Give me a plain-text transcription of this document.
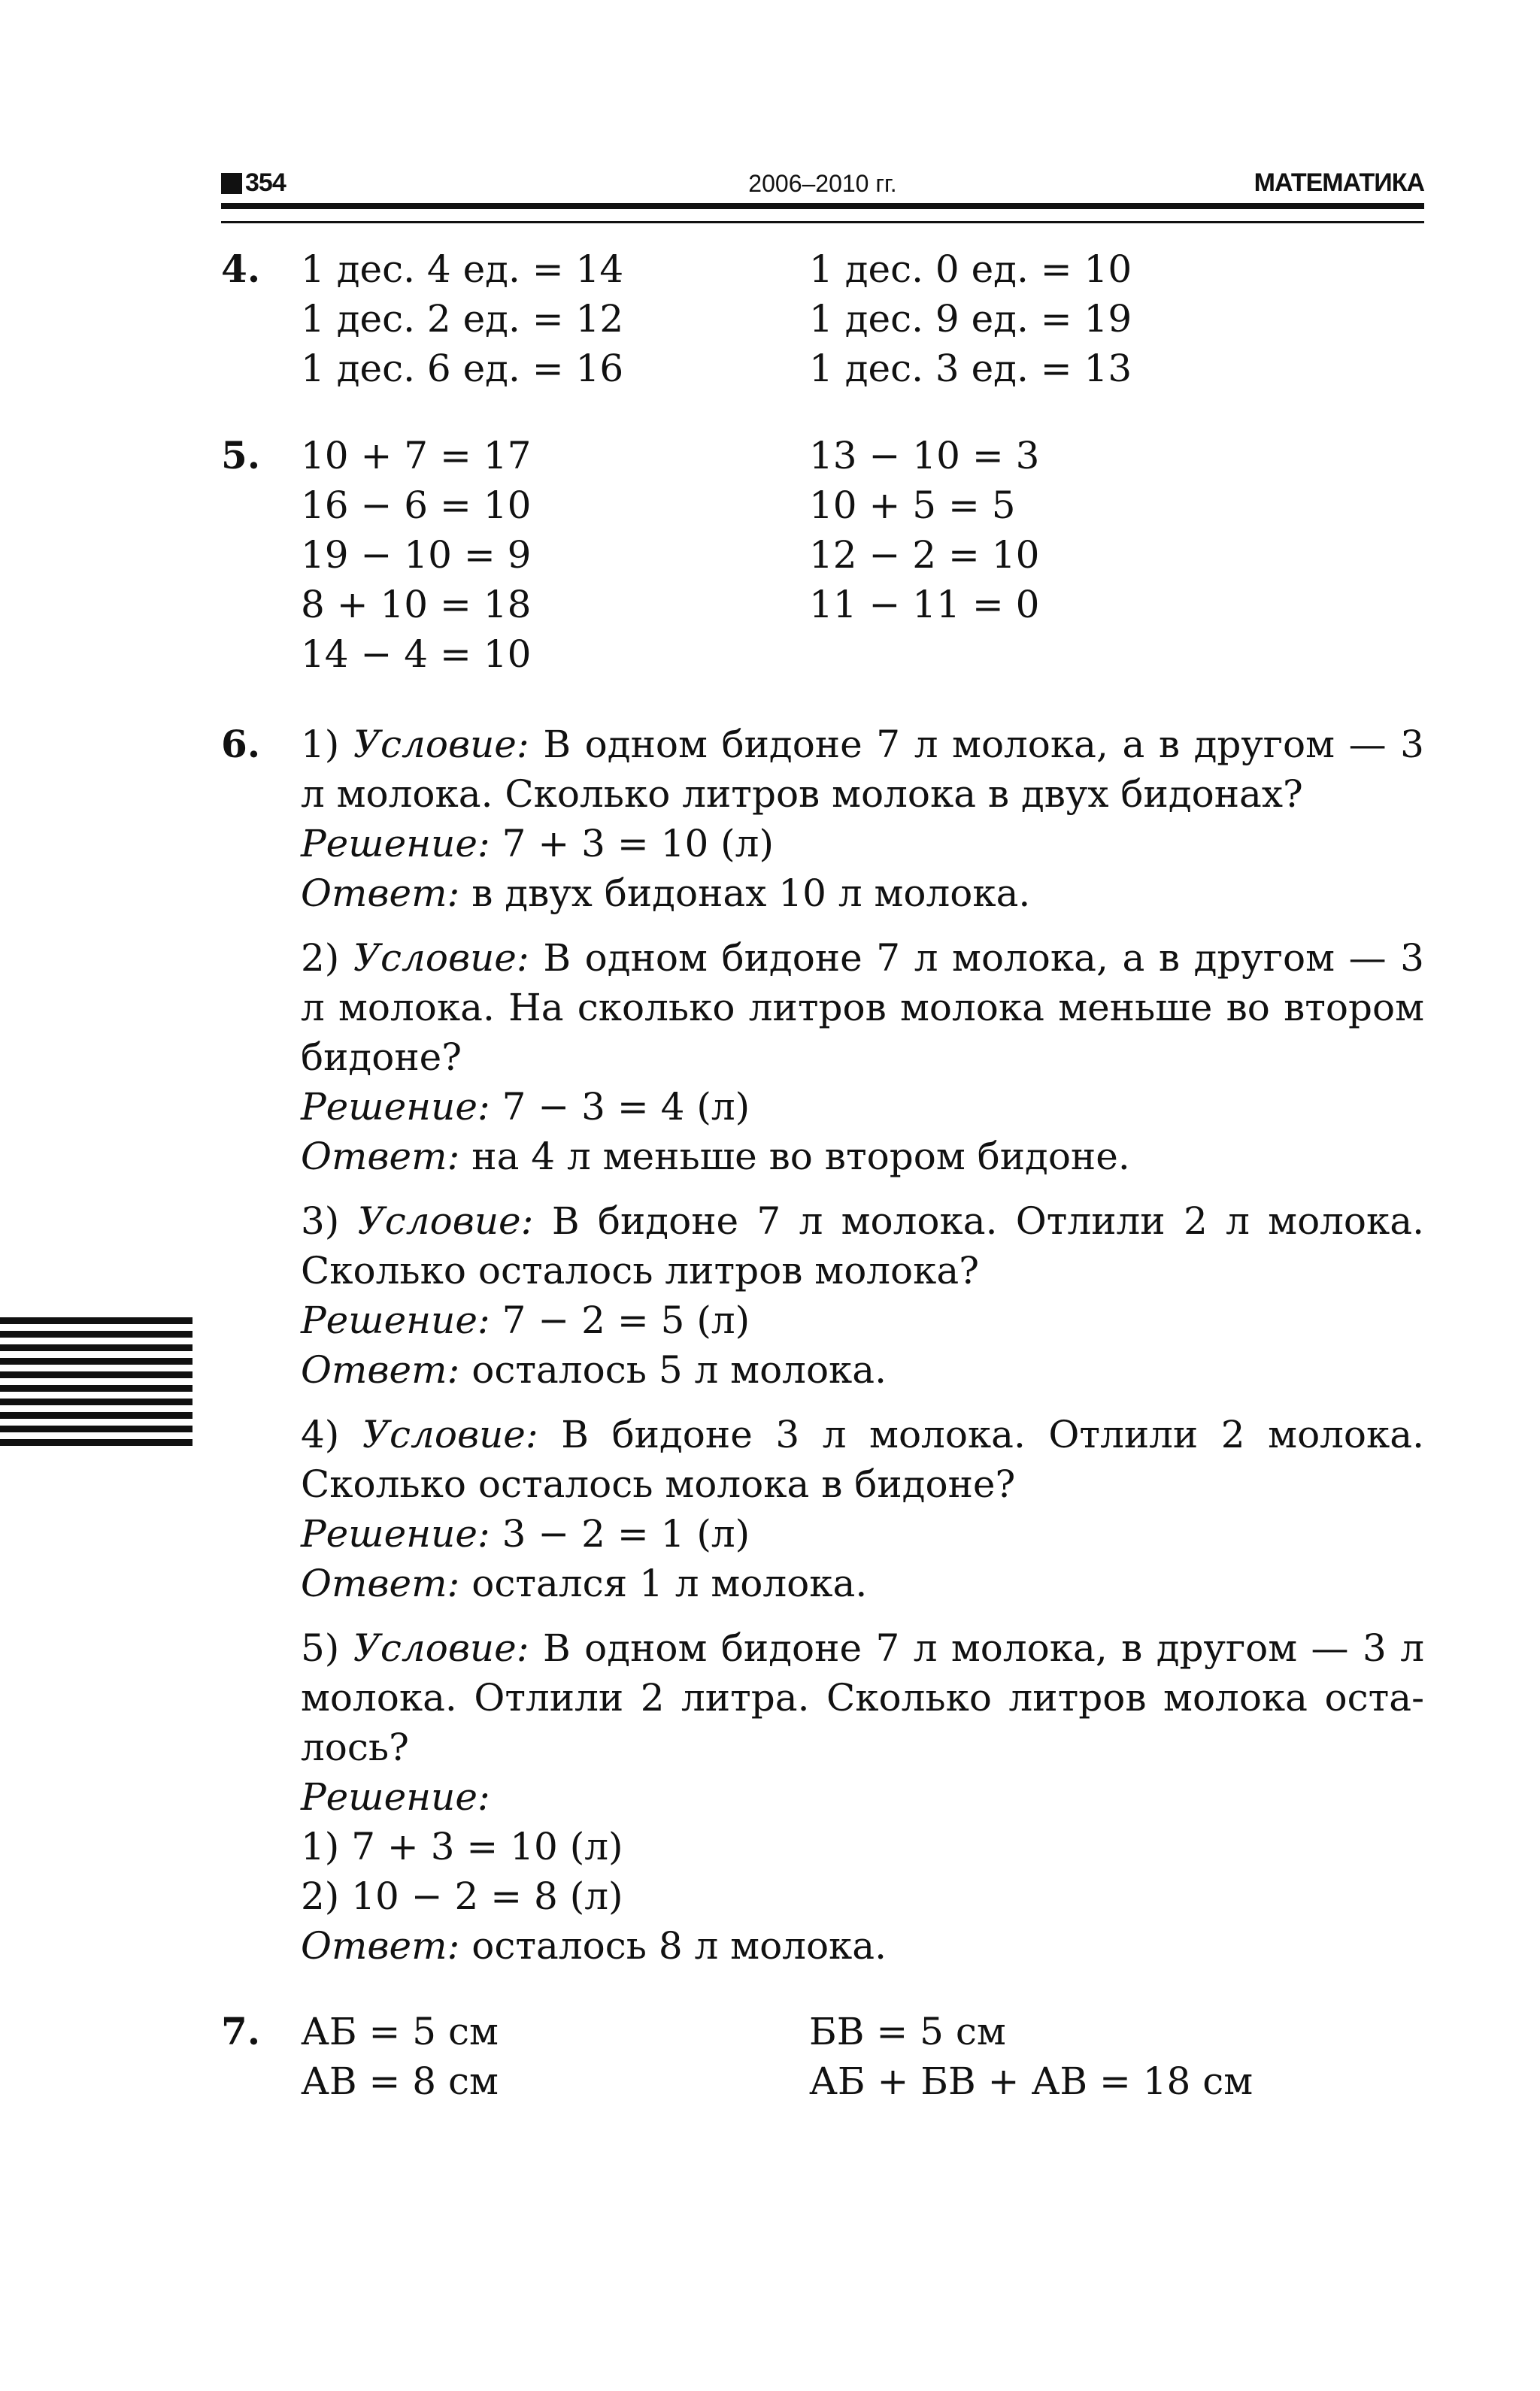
354	2006–2010 гг.	МАТЕМАТИКА
4. 1 дес. 4 ед. = 14
1 дес. 2 ед. = 12
1 дес. 6 ед. = 16
1 дес. 0 ед. = 10
1 дес. 9 ед. = 19
1 дес. 3 ед. = 13
5. 10 + 7 = 17
16 − 6 = 10
19 − 10 = 9
8 + 10 = 18
14 − 4 = 10
13 − 10 = 3
10 + 5 = 5
12 − 2 = 10
11 − 11 = 0
6. 1) Условие: В одном бидоне 7 л молока, а в другом — 3 л молока. Сколько литров молока в двух бидонах?
Решение: 7 + 3 = 10 (л)
Ответ: в двух бидонах 10 л молока.
2) Условие: В одном бидоне 7 л молока, а в другом — 3 л молока. На сколько литров молока меньше во втором бидоне?
Решение: 7 − 3 = 4 (л)
Ответ: на 4 л меньше во втором бидоне.
3) Условие: В бидоне 7 л молока. Отлили 2 л молока. Сколько осталось литров молока?
Решение: 7 − 2 = 5 (л)
Ответ: осталось 5 л молока.
4) Условие: В бидоне 3 л молока. Отлили 2 молока. Сколько осталось молока в бидоне?
Решение: 3 − 2 = 1 (л)
Ответ: остался 1 л молока.
5) Условие: В одном бидоне 7 л молока, в другом — 3 л молока. Отлили 2 литра. Сколько литров молока осталось?
Решение:
1) 7 + 3 = 10 (л)
2) 10 − 2 = 8 (л)
Ответ: осталось 8 л молока.
7. АБ = 5 см
АВ = 8 см
БВ = 5 см
АБ + БВ + АВ = 18 см
